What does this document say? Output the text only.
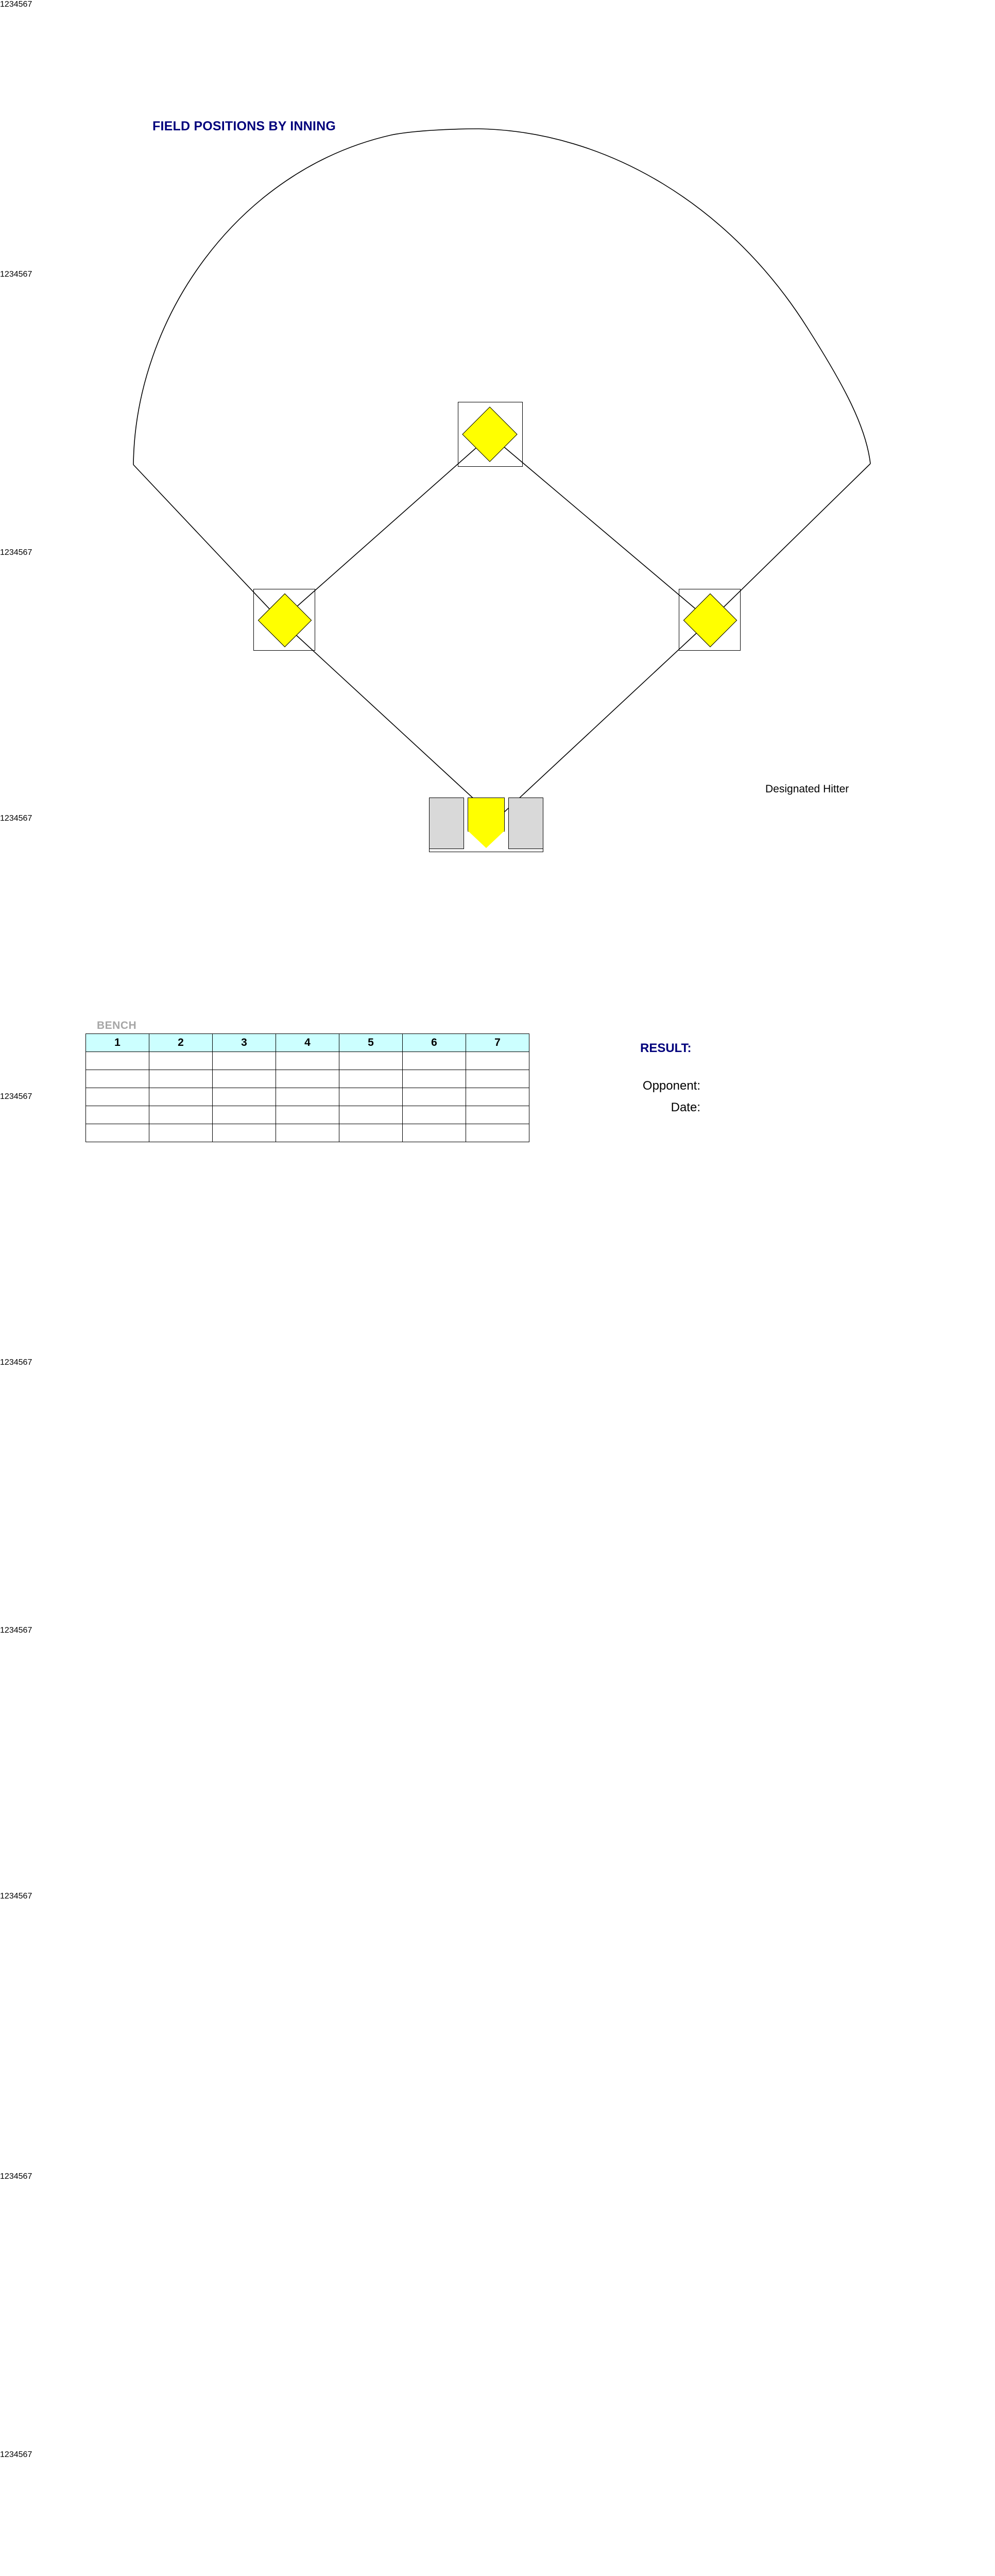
FIELD POSITIONS BY INNING
1234567
1234567
1234567
1234567
1234567
1234567
1234567
1234567
1234567
Designated Hitter
1234567
BENCH
1	2	3	4	5	6	7

							RESULT:
Opponent:
Date:
